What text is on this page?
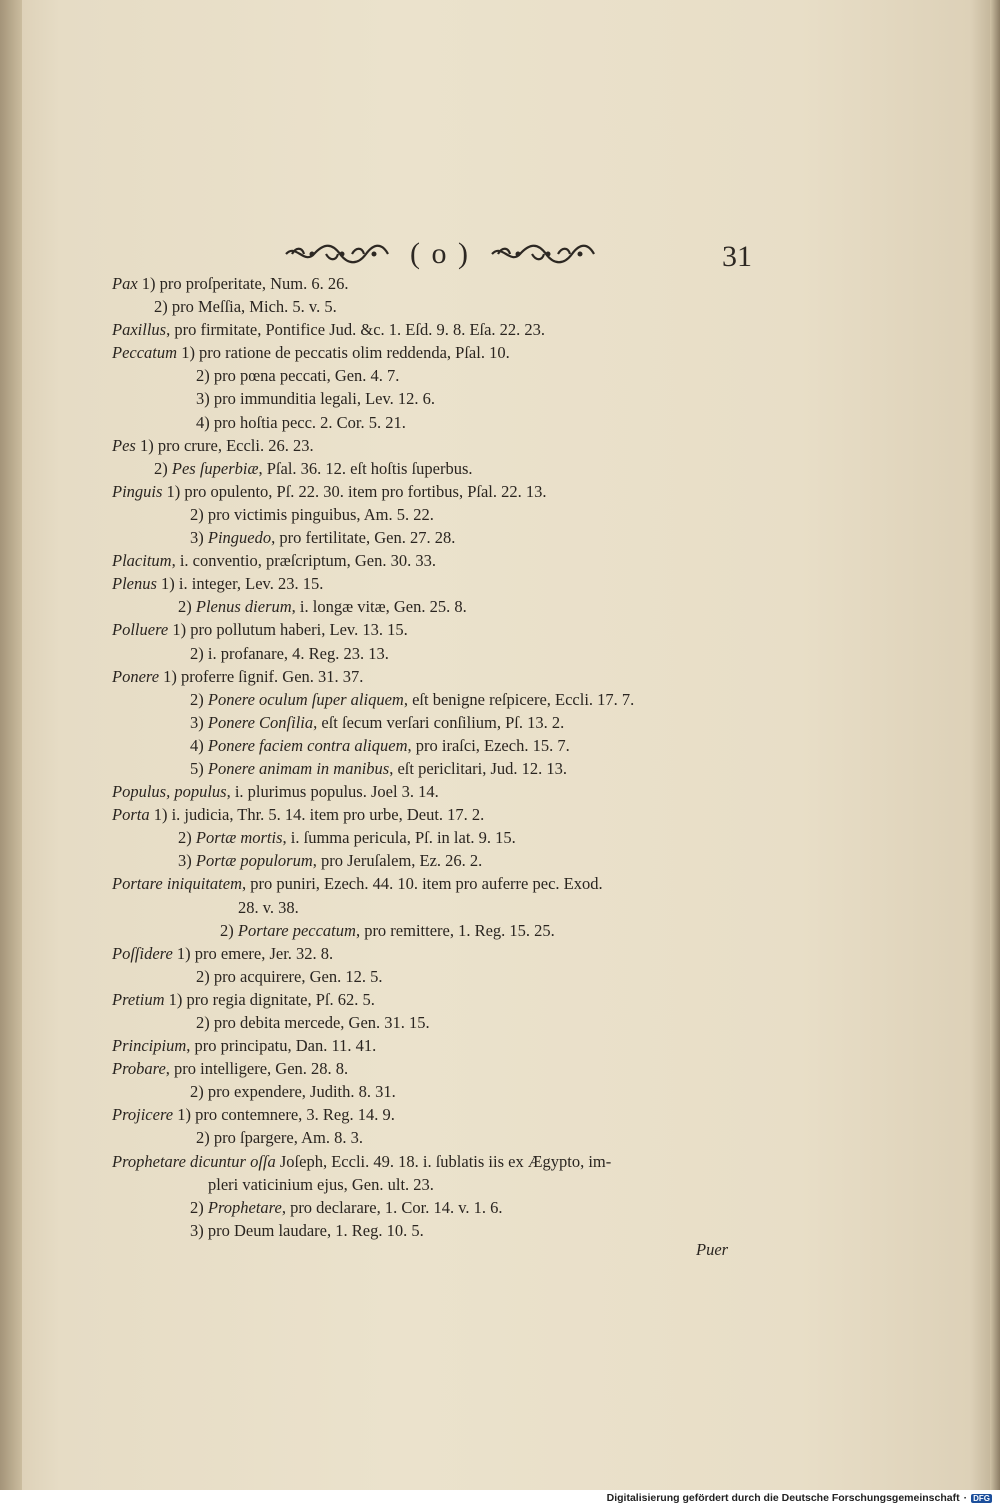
( o )	31
Pax 1) pro proſperitate, Num. 6. 26.
2) pro Meſſia, Mich. 5. v. 5.
Paxillus, pro firmitate, Pontifice Jud. &c. 1. Eſd. 9. 8. Eſa. 22. 23.
Peccatum 1) pro ratione de peccatis olim reddenda, Pſal. 10.
2) pro pœna peccati, Gen. 4. 7.
3) pro immunditia legali, Lev. 12. 6.
4) pro hoſtia pecc. 2. Cor. 5. 21.
Pes 1) pro crure, Eccli. 26. 23.
2) Pes ſuperbiæ, Pſal. 36. 12. eſt hoſtis ſuperbus.
Pinguis 1) pro opulento, Pſ. 22. 30. item pro fortibus, Pſal. 22. 13.
2) pro victimis pinguibus, Am. 5. 22.
3) Pinguedo, pro fertilitate, Gen. 27. 28.
Placitum, i. conventio, præſcriptum, Gen. 30. 33.
Plenus 1) i. integer, Lev. 23. 15.
2) Plenus dierum, i. longæ vitæ, Gen. 25. 8.
Polluere 1) pro pollutum haberi, Lev. 13. 15.
2) i. profanare, 4. Reg. 23. 13.
Ponere 1) proferre ſignif. Gen. 31. 37.
2) Ponere oculum ſuper aliquem, eſt benigne reſpicere, Eccli. 17. 7.
3) Ponere Conſilia, eſt ſecum verſari conſilium, Pſ. 13. 2.
4) Ponere faciem contra aliquem, pro iraſci, Ezech. 15. 7.
5) Ponere animam in manibus, eſt periclitari, Jud. 12. 13.
Populus, populus, i. plurimus populus. Joel 3. 14.
Porta 1) i. judicia, Thr. 5. 14. item pro urbe, Deut. 17. 2.
2) Portæ mortis, i. ſumma pericula, Pſ. in lat. 9. 15.
3) Portæ populorum, pro Jeruſalem, Ez. 26. 2.
Portare iniquitatem, pro puniri, Ezech. 44. 10. item pro auferre pec. Exod.
28. v. 38.
2) Portare peccatum, pro remittere, 1. Reg. 15. 25.
Poſſidere 1) pro emere, Jer. 32. 8.
2) pro acquirere, Gen. 12. 5.
Pretium 1) pro regia dignitate, Pſ. 62. 5.
2) pro debita mercede, Gen. 31. 15.
Principium, pro principatu, Dan. 11. 41.
Probare, pro intelligere, Gen. 28. 8.
2) pro expendere, Judith. 8. 31.
Projicere 1) pro contemnere, 3. Reg. 14. 9.
2) pro ſpargere, Am. 8. 3.
Prophetare dicuntur oſſa Joſeph, Eccli. 49. 18. i. ſublatis iis ex Ægypto, im-
pleri vaticinium ejus, Gen. ult. 23.
2) Prophetare, pro declarare, 1. Cor. 14. v. 1. 6.
3) pro Deum laudare, 1. Reg. 10. 5.
Puer
Digitalisierung gefördert durch die Deutsche Forschungsgemeinschaft · DFG
